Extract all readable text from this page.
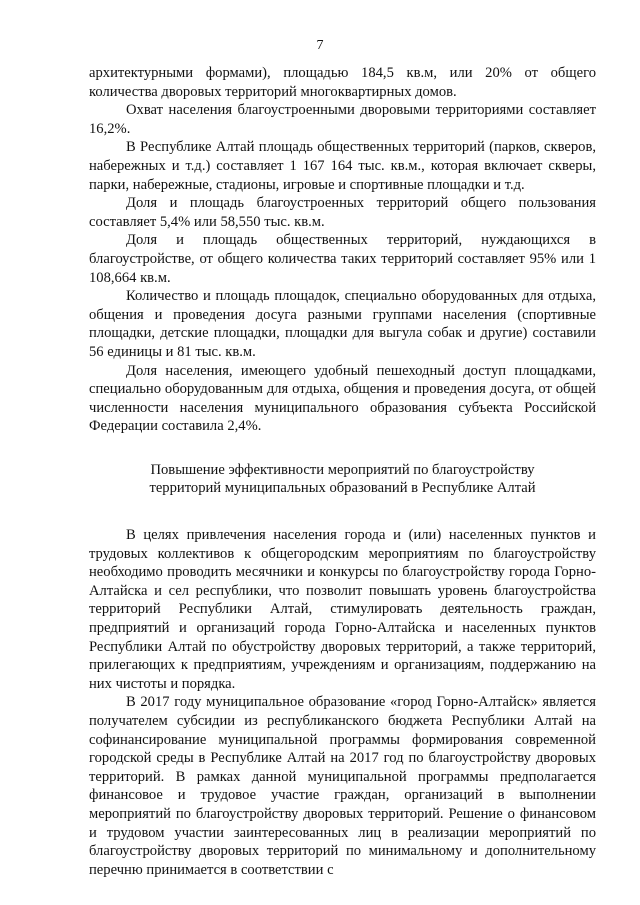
7

архитектурными формами), площадью 184,5 кв.м, или 20% от общего количества дворовых территорий многоквартирных домов.

Охват населения благоустроенными дворовыми территориями составляет 16,2%.

В Республике Алтай площадь общественных территорий (парков, скверов, набережных и т.д.) составляет 1 167 164 тыс. кв.м., которая включает скверы, парки, набережные, стадионы, игровые и спортивные площадки и т.д.

Доля и площадь благоустроенных территорий общего пользования составляет 5,4% или 58,550 тыс. кв.м.

Доля и площадь общественных территорий, нуждающихся в благоустройстве, от общего количества таких территорий составляет 95% или 1 108,664 кв.м.

Количество и площадь площадок, специально оборудованных для отдыха, общения и проведения досуга разными группами населения (спортивные площадки, детские площадки, площадки для выгула собак и другие) составили 56 единицы и 81 тыс. кв.м.

Доля населения, имеющего удобный пешеходный доступ площадками, специально оборудованным для отдыха, общения и проведения досуга, от общей численности населения муниципального образования субъекта Российской Федерации составила 2,4%.

Повышение эффективности мероприятий по благоустройству
территорий муниципальных образований в Республике Алтай

В целях привлечения населения города и (или) населенных пунктов и трудовых коллективов к общегородским мероприятиям по благоустройству необходимо проводить месячники и конкурсы по благоустройству города Горно-Алтайска и сел республики, что позволит повышать уровень благоустройства территорий Республики Алтай, стимулировать деятельность граждан, предприятий и организаций города Горно-Алтайска и населенных пунктов Республики Алтай по обустройству дворовых территорий, а также территорий, прилегающих к предприятиям, учреждениям и организациям, поддержанию на них чистоты и порядка.

В 2017 году муниципальное образование «город Горно-Алтайск» является получателем субсидии из республиканского бюджета Республики Алтай на софинансирование муниципальной программы формирования современной городской среды в Республике Алтай на 2017 год по благоустройству дворовых территорий. В рамках данной муниципальной программы предполагается финансовое и трудовое участие граждан, организаций в выполнении мероприятий по благоустройству дворовых территорий. Решение о финансовом и трудовом участии заинтересованных лиц в реализации мероприятий по благоустройству дворовых территорий по минимальному и дополнительному перечню принимается в соответствии с
